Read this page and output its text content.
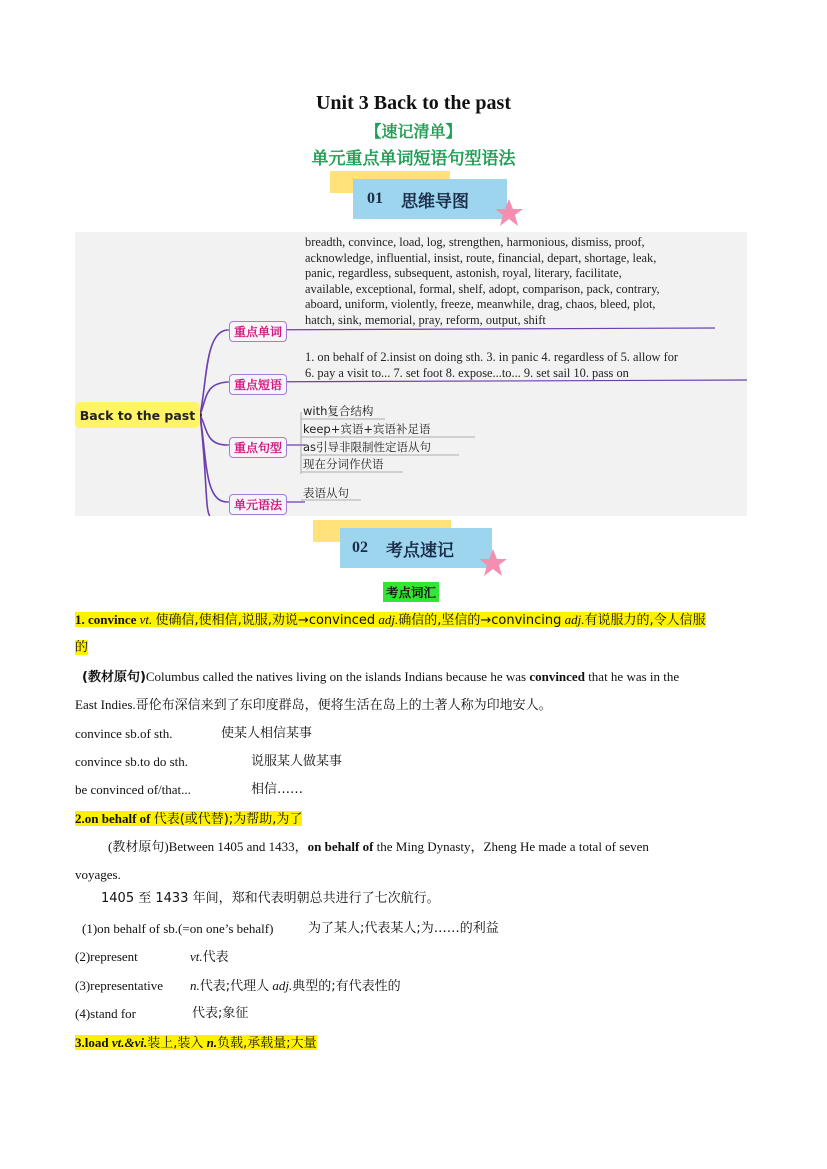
Unit 3 Back to the past
【速记清单】
单元重点单词短语句型语法
01 思维导图
Back to the past
重点单词
重点短语
重点句型
单元语法
breadth, convince, load, log, strengthen, harmonious, dismiss, proof,
acknowledge, influential, insist, route, financial, depart, shortage, leak,
panic, regardless, subsequent, astonish, royal, literary, facilitate,
available, exceptional, formal, shelf, adopt, comparison, pack, contrary,
aboard, uniform, violently, freeze, meanwhile, drag, chaos, bleed, plot,
hatch, sink, memorial, pray, reform, output, shift
1. on behalf of 2.insist on doing sth. 3. in panic 4. regardless of 5. allow for
6. pay a visit to... 7. set foot 8. expose...to... 9. set sail 10. pass on
with复合结构
keep+宾语+宾语补足语
as引导非限制性定语从句
现在分词作伏语
表语从句
02 考点速记
考点词汇
1. convince vt. 使确信,使相信,说服,劝说→convinced adj.确信的,坚信的→convincing adj.有说服力的,令人信服
的
(教材原句)Columbus called the natives living on the islands Indians because he was convinced that he was in the
East Indies.哥伦布深信来到了东印度群岛，便将生活在岛上的土著人称为印地安人。
convince sb.of sth.	使某人相信某事
convince sb.to do sth.	说服某人做某事
be convinced of/that...	相信……
2.on behalf of 代表(或代替);为帮助,为了
(教材原句)Between 1405 and 1433，on behalf of the Ming Dynasty，Zheng He made a total of seven
voyages.
1405 至 1433 年间，郑和代表明朝总共进行了七次航行。
(1)on behalf of sb.(=on one’s behalf)	为了某人;代表某人;为……的利益
(2)represent	vt.代表
(3)representative n.代表;代理人 adj.典型的;有代表性的
(4)stand for	代表;象征
3.load vt.&vi.装上,装入 n.负载,承载量;大量
